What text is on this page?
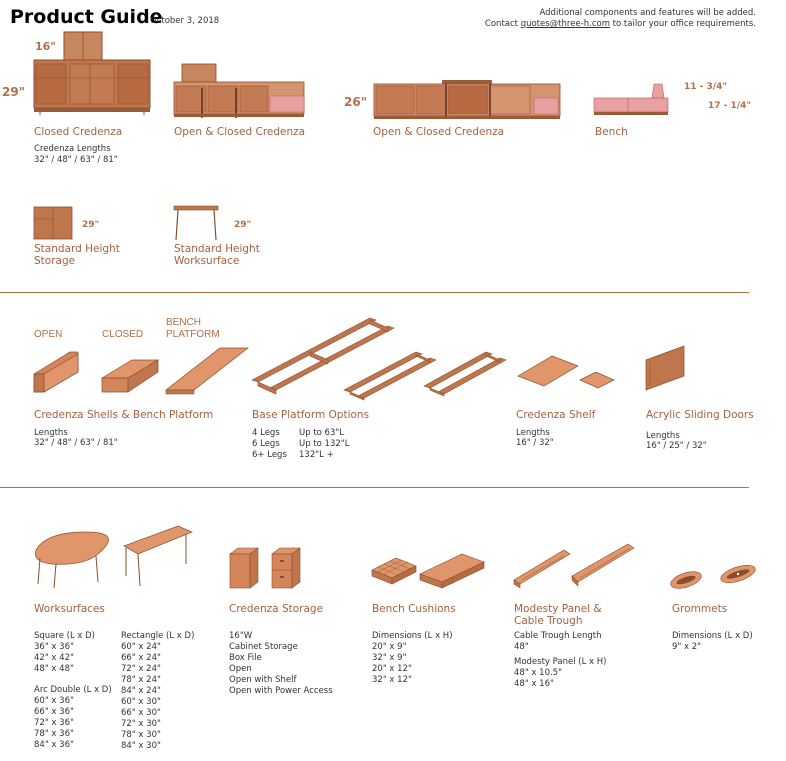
Product Guide
October 3, 2018
Additional components and features will be added.
Contact quotes@three-h.com to tailor your office requirements.
16"
29"
Closed Credenza
Credenza Lengths
32" / 48" / 63" / 81"
Open & Closed Credenza
26"
Open & Closed Credenza
11 - 3/4"
17 - 1/4"
Bench
29"
Standard Height
Storage
29"
Standard Height
Worksurface
OPEN	CLOSED
BENCH
PLATFORM
Credenza Shells & Bench Platform
Lengths
32" / 48" / 63" / 81"
Base Platform Options
4 Legs	Up to 63"L
6 Legs	Up to 132"L
6+ Legs	132"L +
Credenza Shelf
Lengths
16" / 32"
Acrylic Sliding Doors
Lengths
16" / 25" / 32"
Worksurfaces
Square (L x D)
36" x 36"
42" x 42"
48" x 48"
Arc Double (L x D)
60" x 36"
66" x 36"
72" x 36"
78" x 36"
84" x 36"
Rectangle (L x D)
60" x 24"
66" x 24"
72" x 24"
78" x 24"
84" x 24"
60" x 30"
66" x 30"
72" x 30"
78" x 30"
84" x 30"
Credenza Storage
16"W
Cabinet Storage
Box File
Open
Open with Shelf
Open with Power Access
Bench Cushions
Dimensions (L x H)
20" x 9"
32" x 9"
20" x 12"
32" x 12"
Modesty Panel &
Cable Trough
Cable Trough Length
48"
Modesty Panel (L x H)
48" x 10.5"
48" x 16"
Grommets
Dimensions (L x D)
9" x 2"
